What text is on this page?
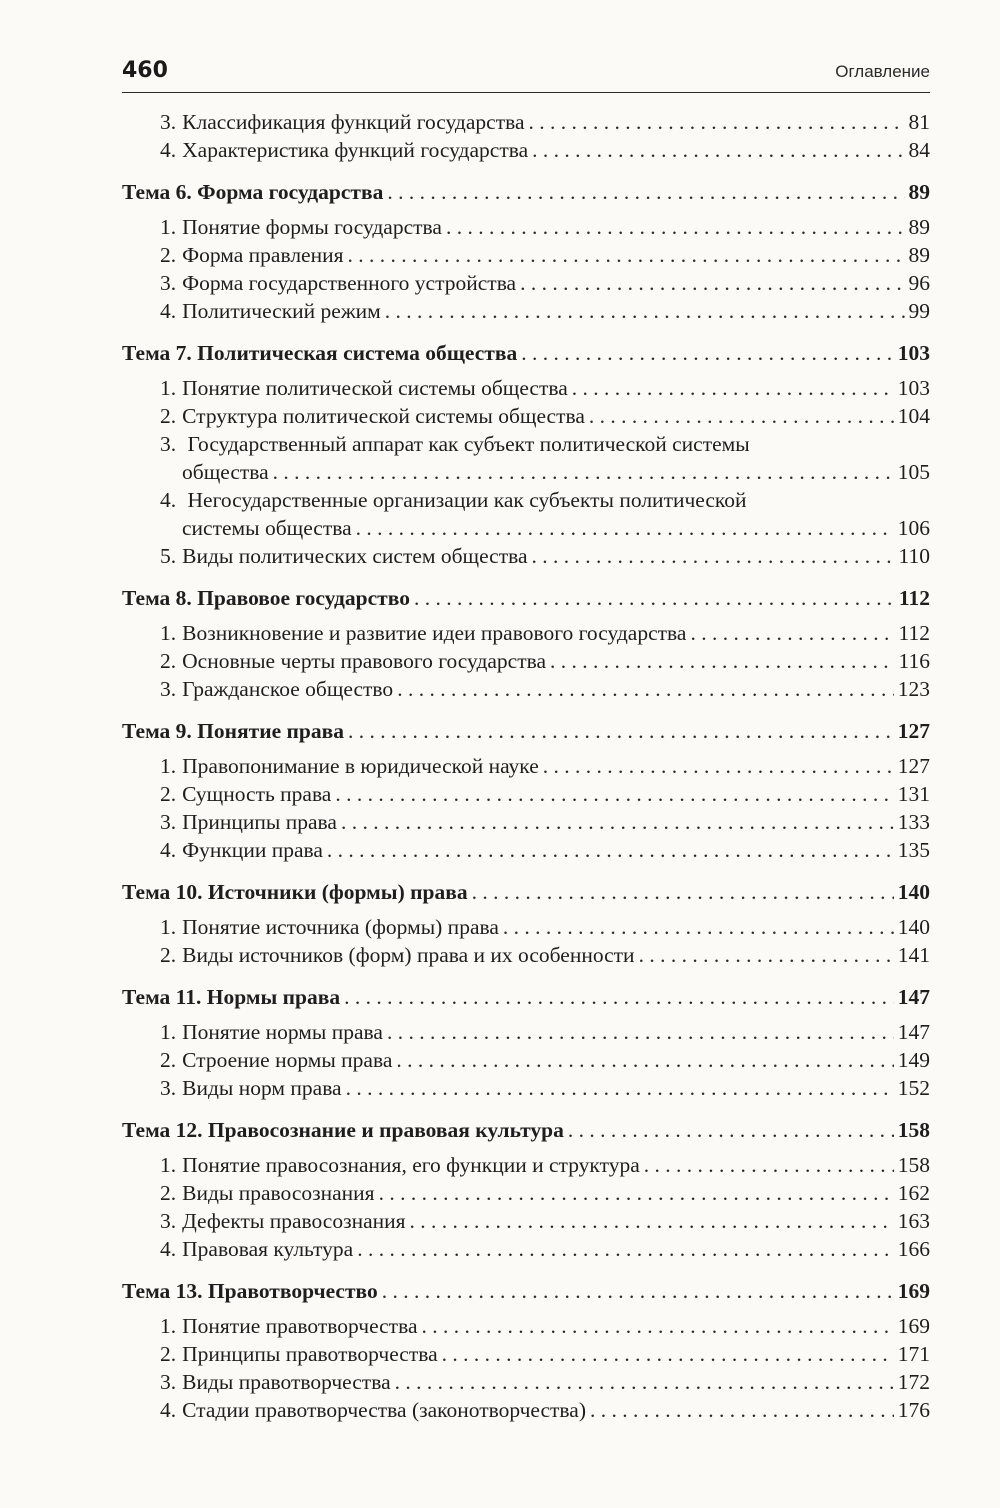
460	Оглавление
3. Классификация функций государства . . .	81
4. Характеристика функций государства . . .	84
Тема 6. Форма государства . . .	89
1. Понятие формы государства . . .	89
2. Форма правления . . .	89
3. Форма государственного устройства . . .	96
4. Политический режим . . .	99
Тема 7. Политическая система общества . . .	103
1. Понятие политической системы общества . . .	103
2. Структура политической системы общества . . .	104
3. Государственный аппарат как субъект политической системы
общества . . .	105
4. Негосударственные организации как субъекты политической
системы общества . . .	106
5. Виды политических систем общества . . .	110
Тема 8. Правовое государство . . .	112
1. Возникновение и развитие идеи правового государства . . .	112
2. Основные черты правового государства . . .	116
3. Гражданское общество . . .	123
Тема 9. Понятие права . . .	127
1. Правопонимание в юридической науке . . .	127
2. Сущность права . . .	131
3. Принципы права . . .	133
4. Функции права . . .	135
Тема 10. Источники (формы) права . . .	140
1. Понятие источника (формы) права . . .	140
2. Виды источников (форм) права и их особенности . . .	141
Тема 11. Нормы права . . .	147
1. Понятие нормы права . . .	147
2. Строение нормы права . . .	149
3. Виды норм права . . .	152
Тема 12. Правосознание и правовая культура . . .	158
1. Понятие правосознания, его функции и структура . . .	158
2. Виды правосознания . . .	162
3. Дефекты правосознания . . .	163
4. Правовая культура . . .	166
Тема 13. Правотворчество . . .	169
1. Понятие правотворчества . . .	169
2. Принципы правотворчества . . .	171
3. Виды правотворчества . . .	172
4. Стадии правотворчества (законотворчества) . . .	176
